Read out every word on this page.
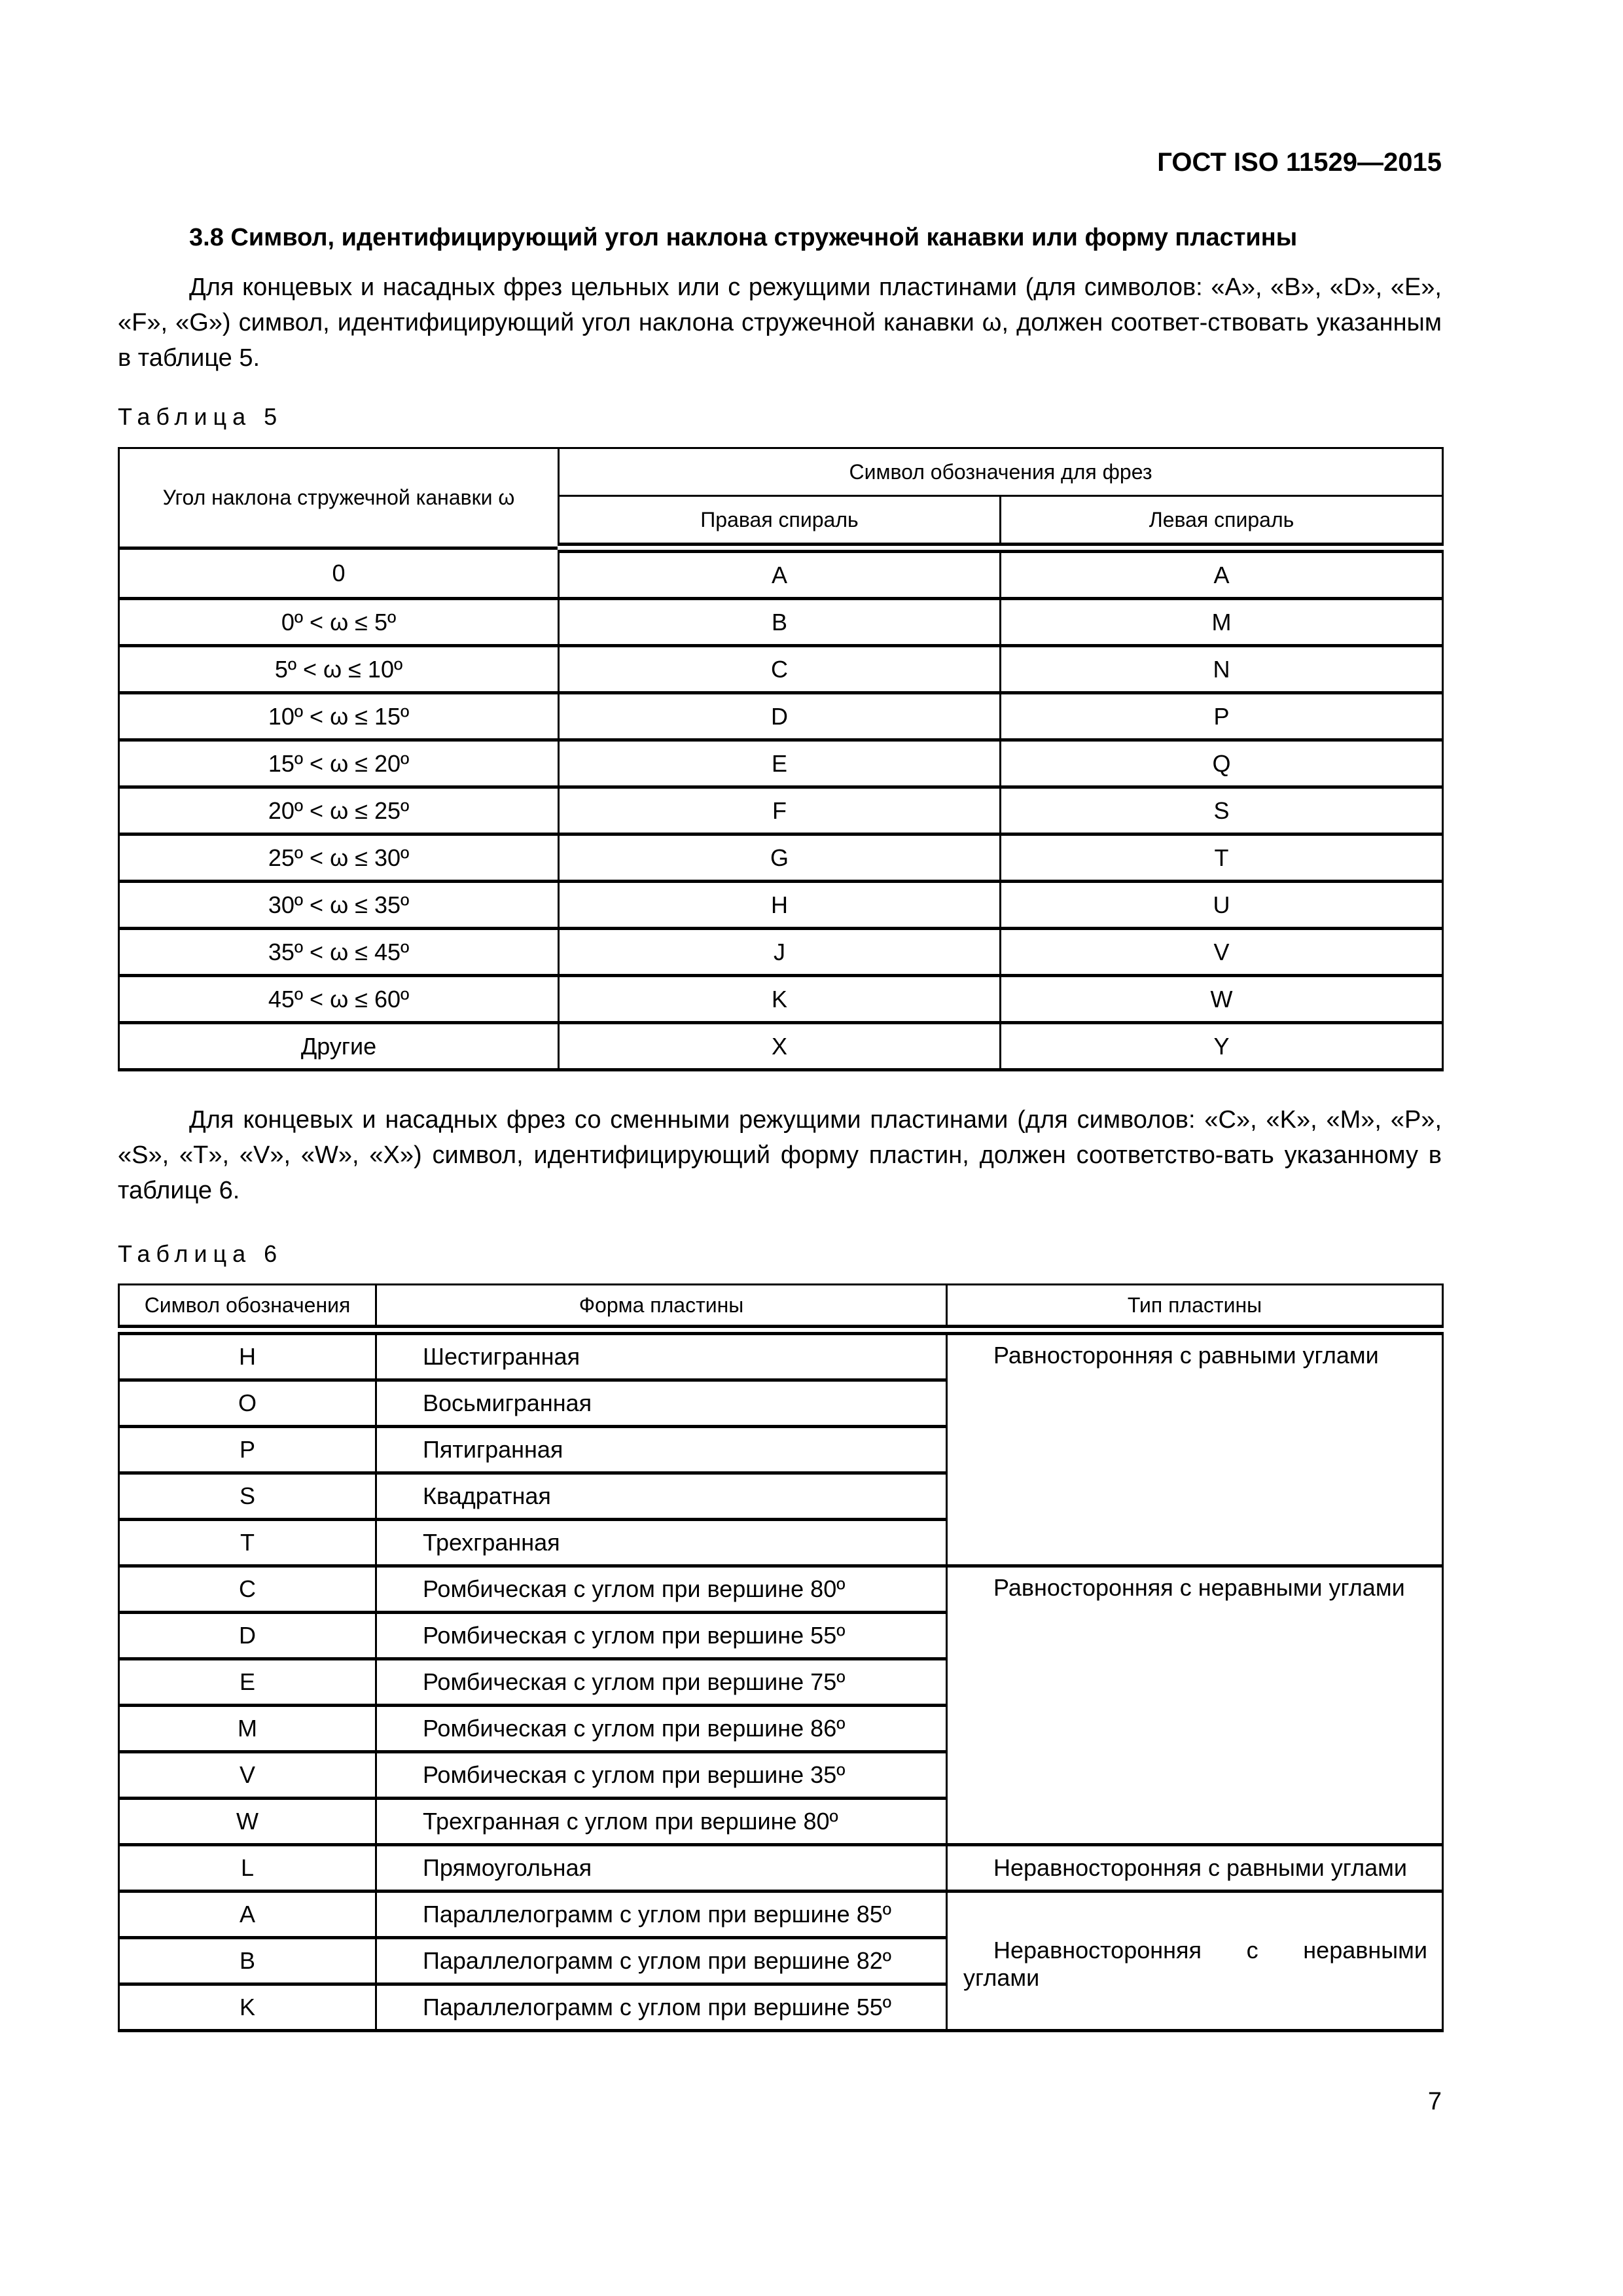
ГОСТ ISO 11529—2015
3.8 Символ, идентифицирующий угол наклона стружечной канавки или форму пластины
Для концевых и насадных фрез цельных или с режущими пластинами (для символов: «A», «B», «D», «E», «F», «G») символ, идентифицирующий угол наклона стружечной канавки ω, должен соответ-ствовать указанным в таблице 5.
Таблица 5
Угол наклона стружечной канавки ω	Символ обозначения для фрез	
	Правая спираль	Левая спираль
0	A	A
0º < ω ≤ 5º	B	M
5º < ω ≤ 10º	C	N
10º < ω ≤ 15º	D	P
15º < ω ≤ 20º	E	Q
20º < ω ≤ 25º	F	S
25º < ω ≤ 30º	G	T
30º < ω ≤ 35º	H	U
35º < ω ≤ 45º	J	V
45º < ω ≤ 60º	K	W
Другие	X	Y
Для концевых и насадных фрез со сменными режущими пластинами (для символов: «C», «K», «M», «P», «S», «T», «V», «W», «X») символ, идентифицирующий форму пластин, должен соответство-вать указанному в таблице 6.
Таблица 6
Символ обозначения	Форма пластины	Тип пластины
H	Шестигранная	Равносторонняя с равными углами
O	Восьмигранная	
P	Пятигранная	
S	Квадратная	
T	Трехгранная	
C	Ромбическая с углом при вершине 80º	Равносторонняя с неравными углами
D	Ромбическая с углом при вершине 55º	
E	Ромбическая с углом при вершине 75º	
M	Ромбическая с углом при вершине 86º	
V	Ромбическая с углом при вершине 35º	
W	Трехгранная с углом при вершине 80º	
L	Прямоугольная	Неравносторонняя с равными углами
A	Параллелограмм с углом при вершине 85º	Неравносторонняя с неравными углами
B	Параллелограмм с углом при вершине 82º	
K	Параллелограмм с углом при вершине 55º	
7
